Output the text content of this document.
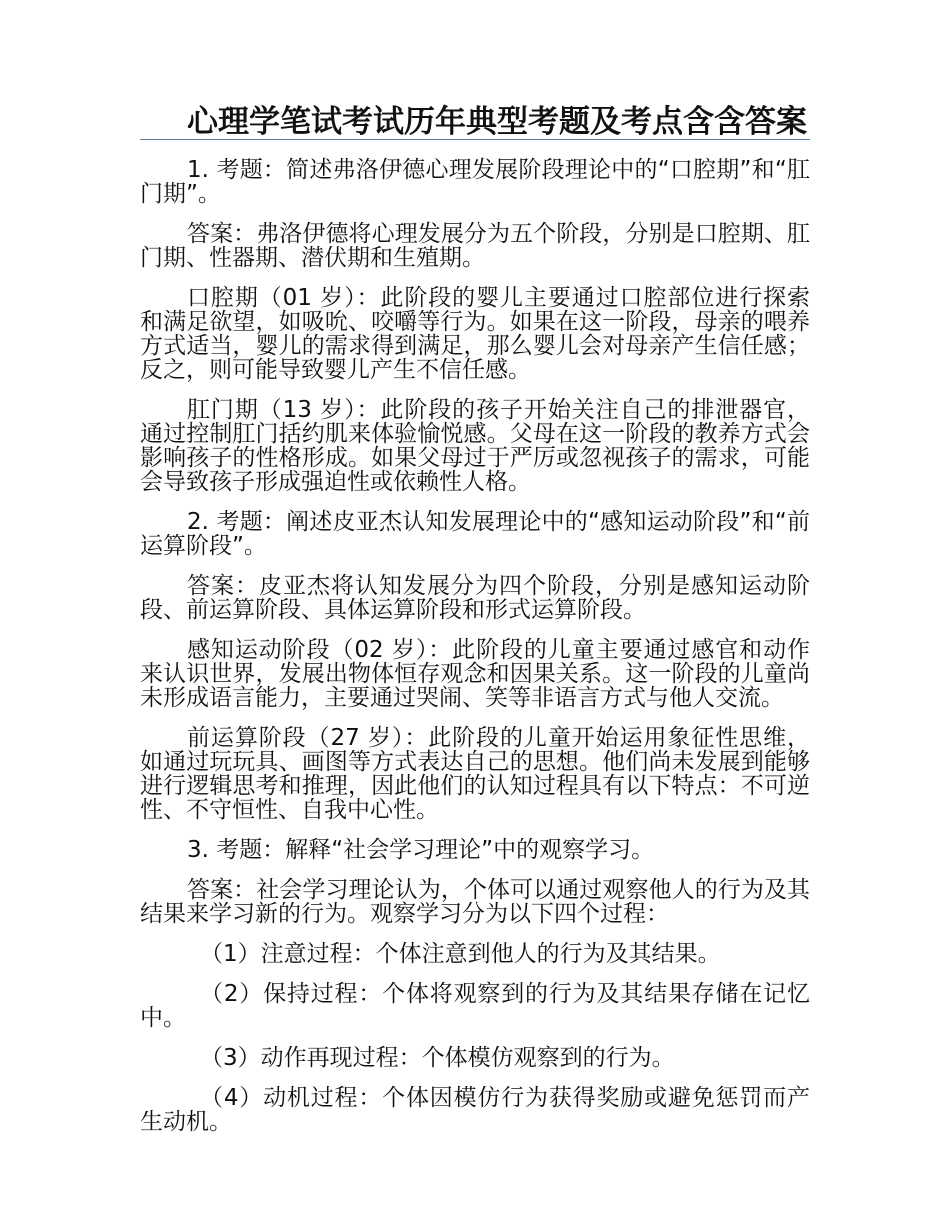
心理学笔试考试历年典型考题及考点含含答案

1. 考题：简述弗洛伊德心理发展阶段理论中的“口腔期”和“肛门期”。

答案：弗洛伊德将心理发展分为五个阶段，分别是口腔期、肛门期、性器期、潜伏期和生殖期。

口腔期（01 岁）：此阶段的婴儿主要通过口腔部位进行探索和满足欲望，如吸吮、咬嚼等行为。如果在这一阶段，母亲的喂养方式适当，婴儿的需求得到满足，那么婴儿会对母亲产生信任感；反之，则可能导致婴儿产生不信任感。

肛门期（13 岁）：此阶段的孩子开始关注自己的排泄器官，通过控制肛门括约肌来体验愉悦感。父母在这一阶段的教养方式会影响孩子的性格形成。如果父母过于严厉或忽视孩子的需求，可能会导致孩子形成强迫性或依赖性人格。

2. 考题：阐述皮亚杰认知发展理论中的“感知运动阶段”和“前运算阶段”。

答案：皮亚杰将认知发展分为四个阶段，分别是感知运动阶段、前运算阶段、具体运算阶段和形式运算阶段。

感知运动阶段（02 岁）：此阶段的儿童主要通过感官和动作来认识世界，发展出物体恒存观念和因果关系。这一阶段的儿童尚未形成语言能力，主要通过哭闹、笑等非语言方式与他人交流。

前运算阶段（27 岁）：此阶段的儿童开始运用象征性思维，如通过玩玩具、画图等方式表达自己的思想。他们尚未发展到能够进行逻辑思考和推理，因此他们的认知过程具有以下特点：不可逆性、不守恒性、自我中心性。

3. 考题：解释“社会学习理论”中的观察学习。

答案：社会学习理论认为，个体可以通过观察他人的行为及其结果来学习新的行为。观察学习分为以下四个过程：

（1）注意过程：个体注意到他人的行为及其结果。

（2）保持过程：个体将观察到的行为及其结果存储在记忆中。

（3）动作再现过程：个体模仿观察到的行为。

（4）动机过程：个体因模仿行为获得奖励或避免惩罚而产生动机。
